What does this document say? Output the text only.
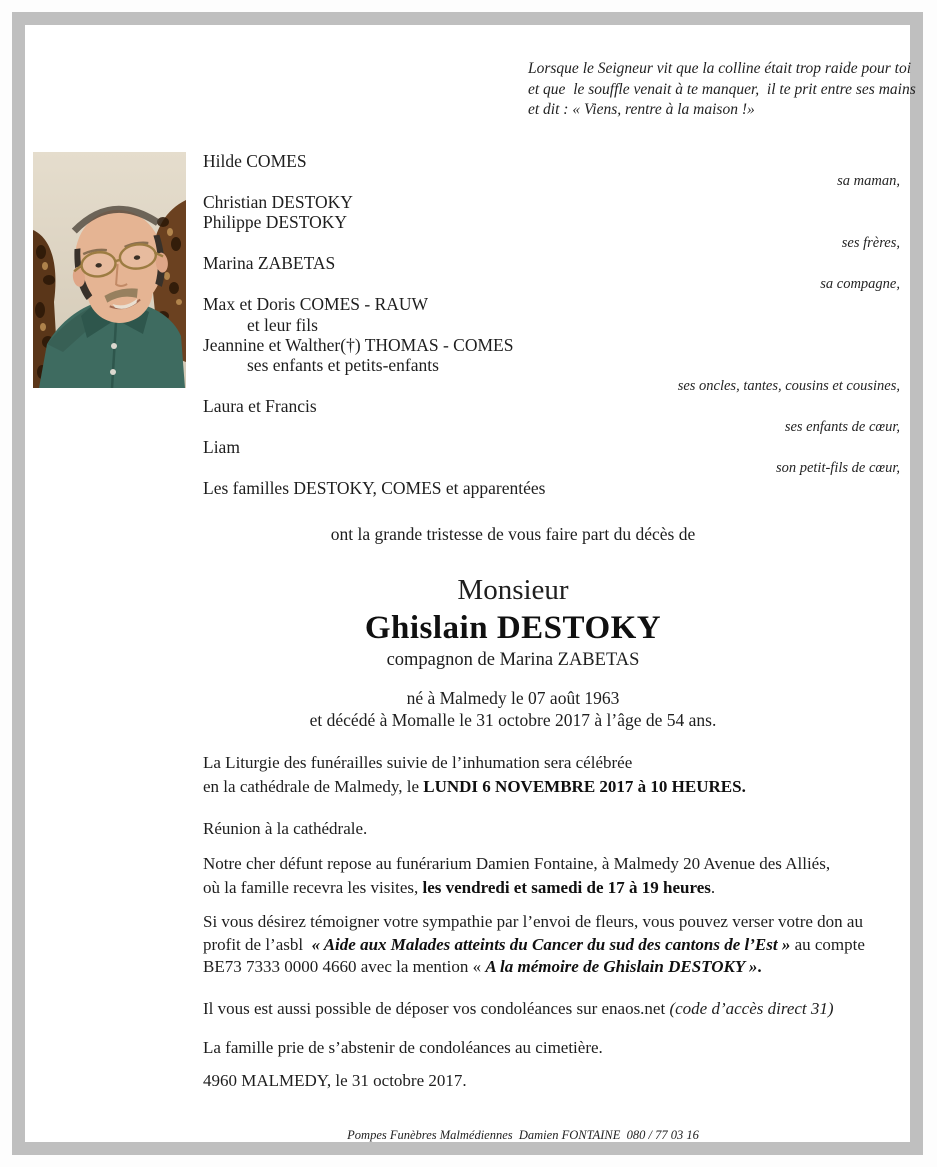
Lorsque le Seigneur vit que la colline était trop raide pour toi
et que  le souffle venait à te manquer,  il te prit entre ses mains
et dit : « Viens, rentre à la maison !»
Hilde COMES
sa maman,
Christian DESTOKY
Philippe DESTOKY
ses frères,
Marina ZABETAS
sa compagne,
Max et Doris COMES - RAUW
et leur fils
Jeannine et Walther(†) THOMAS - COMES
ses enfants et petits-enfants
ses oncles, tantes, cousins et cousines,
Laura et Francis
ses enfants de cœur,
Liam
son petit-fils de cœur,
Les familles DESTOKY, COMES et apparentées
ont la grande tristesse de vous faire part du décès de
Monsieur
Ghislain DESTOKY
compagnon de Marina ZABETAS
né à Malmedy le 07 août 1963
et décédé à Momalle le 31 octobre 2017 à l’âge de 54 ans.
La Liturgie des funérailles suivie de l’inhumation sera célébrée
en la cathédrale de Malmedy, le LUNDI 6 NOVEMBRE 2017 à 10 HEURES.
Réunion à la cathédrale.
Notre cher défunt repose au funérarium Damien Fontaine, à Malmedy 20 Avenue des Alliés,
où la famille recevra les visites, les vendredi et samedi de 17 à 19 heures.
Si vous désirez témoigner votre sympathie par l’envoi de fleurs, vous pouvez verser votre don au
profit de l’asbl  « Aide aux Malades atteints du Cancer du sud des cantons de l’Est » au compte
BE73 7333 0000 4660 avec la mention « A la mémoire de Ghislain DESTOKY ».
Il vous est aussi possible de déposer vos condoléances sur enaos.net (code d’accès direct 31)
La famille prie de s’abstenir de condoléances au cimetière.
4960 MALMEDY, le 31 octobre 2017.
Pompes Funèbres Malmédiennes  Damien FONTAINE  080 / 77 03 16
